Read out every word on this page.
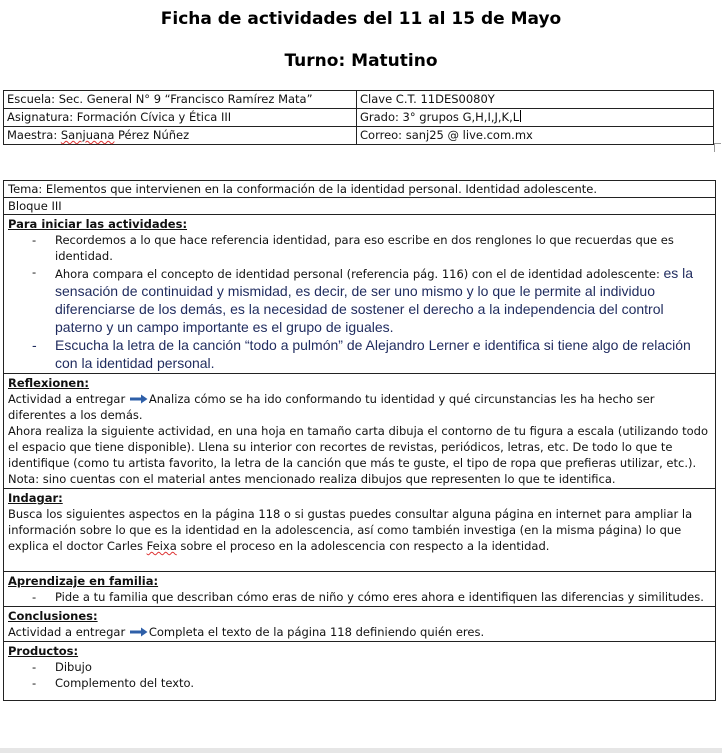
Ficha de actividades del 11 al 15 de Mayo
Turno: Matutino
Escuela: Sec. General N° 9 “Francisco Ramírez Mata”	Clave C.T. 11DES0080Y
Asignatura: Formación Cívica y Ética III	Grado: 3° grupos G,H,I,J,K,L
Maestra: Sanjuana Pérez Núñez	Correo: sanj25 @ live.com.mx
Tema: Elementos que intervienen en la conformación de la identidad personal. Identidad adolescente.
Bloque III
Para iniciar las actividades:
- Recordemos a lo que hace referencia identidad, para eso escribe en dos renglones lo que recuerdas que es identidad.
- Ahora compara el concepto de identidad personal (referencia pág. 116) con el de identidad adolescente: es la sensación de continuidad y mismidad, es decir, de ser uno mismo y lo que le permite al individuo diferenciarse de los demás, es la necesidad de sostener el derecho a la independencia del control paterno y un campo importante es el grupo de iguales.
- Escucha la letra de la canción “todo a pulmón” de Alejandro Lerner e identifica si tiene algo de relación con la identidad personal.
Reflexionen:
Actividad a entregar Analiza cómo se ha ido conformando tu identidad y qué circunstancias les ha hecho ser diferentes a los demás.
Ahora realiza la siguiente actividad, en una hoja en tamaño carta dibuja el contorno de tu figura a escala (utilizando todo el espacio que tiene disponible). Llena su interior con recortes de revistas, periódicos, letras, etc. De todo lo que te identifique (como tu artista favorito, la letra de la canción que más te guste, el tipo de ropa que prefieras utilizar, etc.).
Nota: sino cuentas con el material antes mencionado realiza dibujos que representen lo que te identifica.
Indagar:
Busca los siguientes aspectos en la página 118 o si gustas puedes consultar alguna página en internet para ampliar la información sobre lo que es la identidad en la adolescencia, así como también investiga (en la misma página) lo que explica el doctor Carles Feixa sobre el proceso en la adolescencia con respecto a la identidad.
Aprendizaje en familia:
- Pide a tu familia que describan cómo eras de niño y cómo eres ahora e identifiquen las diferencias y similitudes.
Conclusiones:
Actividad a entregar Completa el texto de la página 118 definiendo quién eres.
Productos:
- Dibujo
- Complemento del texto.
